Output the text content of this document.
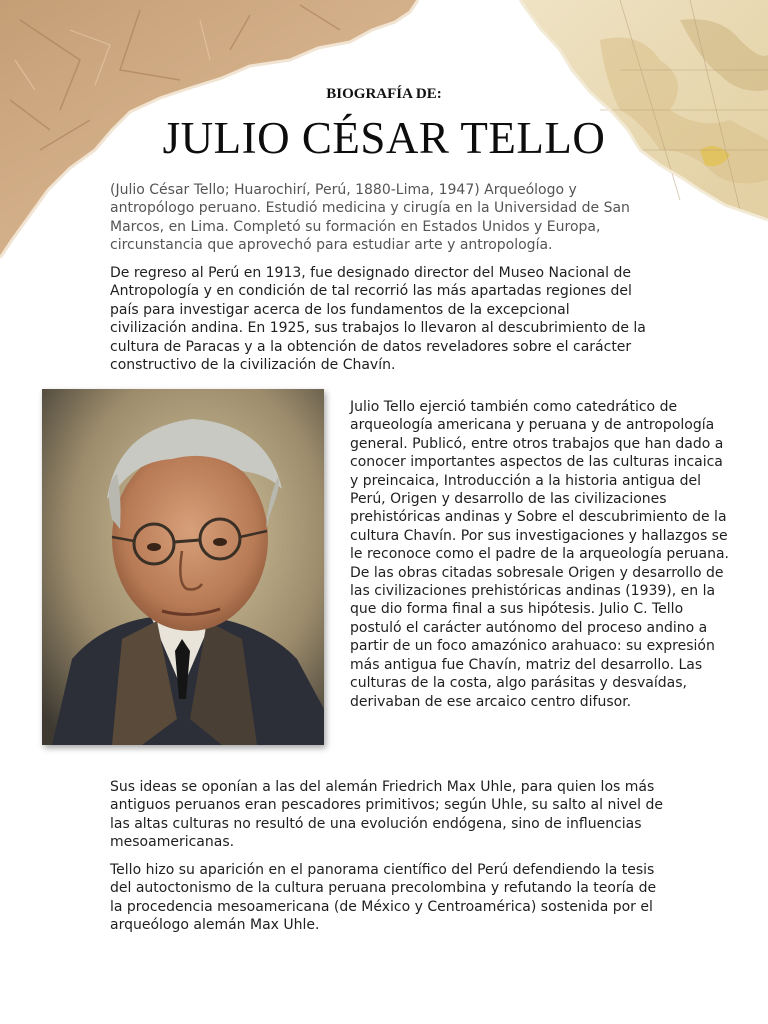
BIOGRAFÍA DE:
JULIO CÉSAR TELLO

(Julio César Tello; Huarochirí, Perú, 1880-Lima, 1947) Arqueólogo y antropólogo peruano. Estudió medicina y cirugía en la Universidad de San Marcos, en Lima. Completó su formación en Estados Unidos y Europa, circunstancia que aprovechó para estudiar arte y antropología.

De regreso al Perú en 1913, fue designado director del Museo Nacional de Antropología y en condición de tal recorrió las más apartadas regiones del país para investigar acerca de los fundamentos de la excepcional civilización andina. En 1925, sus trabajos lo llevaron al descubrimiento de la cultura de Paracas y a la obtención de datos reveladores sobre el carácter constructivo de la civilización de Chavín.

Julio Tello ejerció también como catedrático de arqueología americana y peruana y de antropología general. Publicó, entre otros trabajos que han dado a conocer importantes aspectos de las culturas incaica y preincaica, Introducción a la historia antigua del Perú, Origen y desarrollo de las civilizaciones prehistóricas andinas y Sobre el descubrimiento de la cultura Chavín. Por sus investigaciones y hallazgos se le reconoce como el padre de la arqueología peruana. De las obras citadas sobresale Origen y desarrollo de las civilizaciones prehistóricas andinas (1939), en la que dio forma final a sus hipótesis. Julio C. Tello postuló el carácter autónomo del proceso andino a partir de un foco amazónico arahuaco: su expresión más antigua fue Chavín, matriz del desarrollo. Las culturas de la costa, algo parásitas y desvaídas, derivaban de ese arcaico centro difusor.

Sus ideas se oponían a las del alemán Friedrich Max Uhle, para quien los más antiguos peruanos eran pescadores primitivos; según Uhle, su salto al nivel de las altas culturas no resultó de una evolución endógena, sino de influencias mesoamericanas.

Tello hizo su aparición en el panorama científico del Perú defendiendo la tesis del autoctonismo de la cultura peruana precolombina y refutando la teoría de la procedencia mesoamericana (de México y Centroamérica) sostenida por el arqueólogo alemán Max Uhle.
